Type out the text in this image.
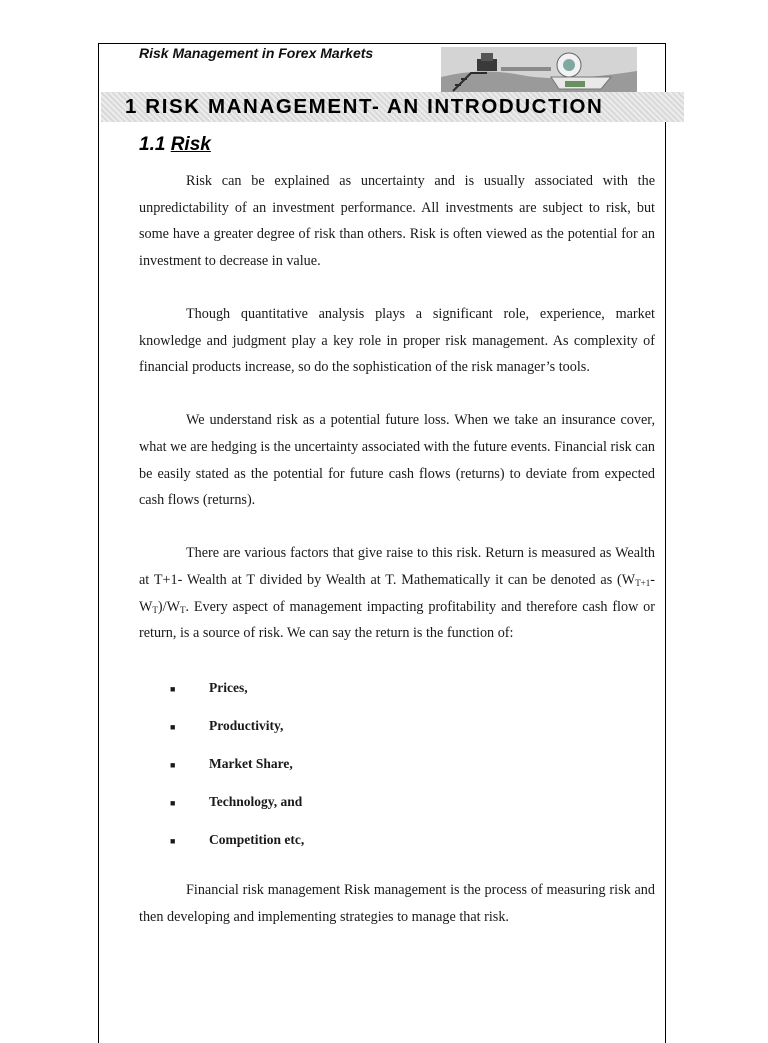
Risk Management in Forex Markets
1 RISK MANAGEMENT- AN INTRODUCTION
1.1 Risk

Risk can be explained as uncertainty and is usually associated with the unpredictability of an investment performance. All investments are subject to risk, but some have a greater degree of risk than others. Risk is often viewed as the potential for an investment to decrease in value.

Though quantitative analysis plays a significant role, experience, market knowledge and judgment play a key role in proper risk management. As complexity of financial products increase, so do the sophistication of the risk manager’s tools.

We understand risk as a potential future loss. When we take an insurance cover, what we are hedging is the uncertainty associated with the future events. Financial risk can be easily stated as the potential for future cash flows (returns) to deviate from expected cash flows (returns).

There are various factors that give raise to this risk. Return is measured as Wealth at T+1- Wealth at T divided by Wealth at T. Mathematically it can be denoted as $(W_{T+1}-W_T)/W_T$. Every aspect of management impacting profitability and therefore cash flow or return, is a source of risk. We can say the return is the function of:

■ Prices,
■ Productivity,
■ Market Share,
■ Technology, and
■ Competition etc,

Financial risk management Risk management is the process of measuring risk and then developing and implementing strategies to manage that risk.
